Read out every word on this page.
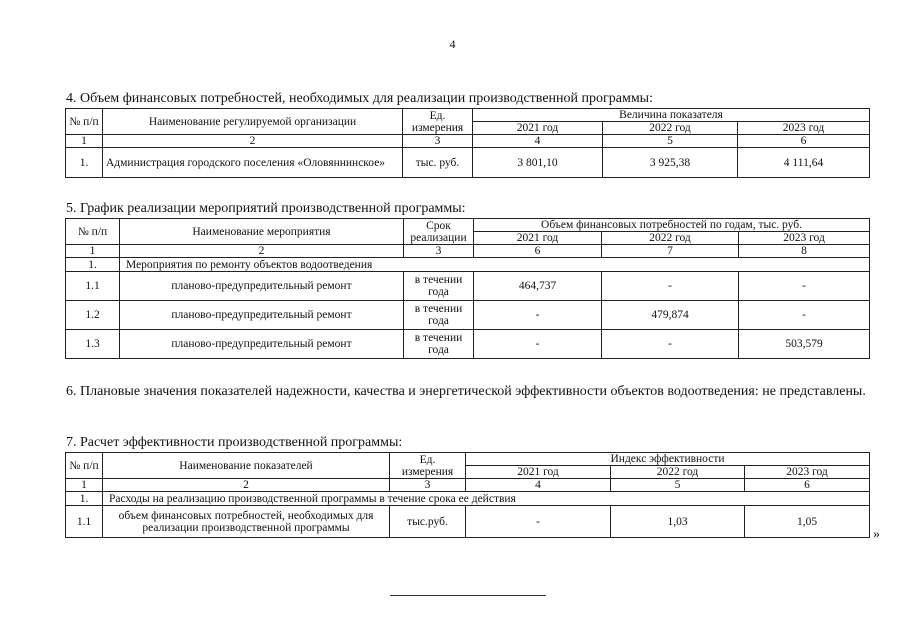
4
4. Объем финансовых потребностей, необходимых для реализации производственной программы:
№ п/п	Наименование регулируемой организации	Ед. измерения	Величина показателя		
			2021 год	2022 год	2023 год
1	2	3	4	5	6
1.	Администрация городского поселения «Оловяннинское»	тыс. руб.	3 801,10	3 925,38	4 111,64
5. График реализации мероприятий производственной программы:
№ п/п	Наименование мероприятия	Срок реализации	Объем финансовых потребностей по годам, тыс. руб.		
			2021 год	2022 год	2023 год
1	2	3	6	7	8
1.	Мероприятия по ремонту объектов водоотведения				
1.1	планово-предупредительный ремонт	в течении года	464,737	-	-
1.2	планово-предупредительный ремонт	в течении года	-	479,874	-
1.3	планово-предупредительный ремонт	в течении года	-	-	503,579
6. Плановые значения показателей надежности, качества и энергетической эффективности объектов водоотведения: не представлены.
7. Расчет эффективности производственной программы:
№ п/п	Наименование показателей	Ед. измерения	Индекс эффективности		
			2021 год	2022 год	2023 год
1	2	3	4	5	6
1.	Расходы на реализацию производственной программы в течение срока ее действия				
1.1	объем финансовых потребностей, необходимых для реализации производственной программы	тыс.руб.	-	1,03	1,05
»
